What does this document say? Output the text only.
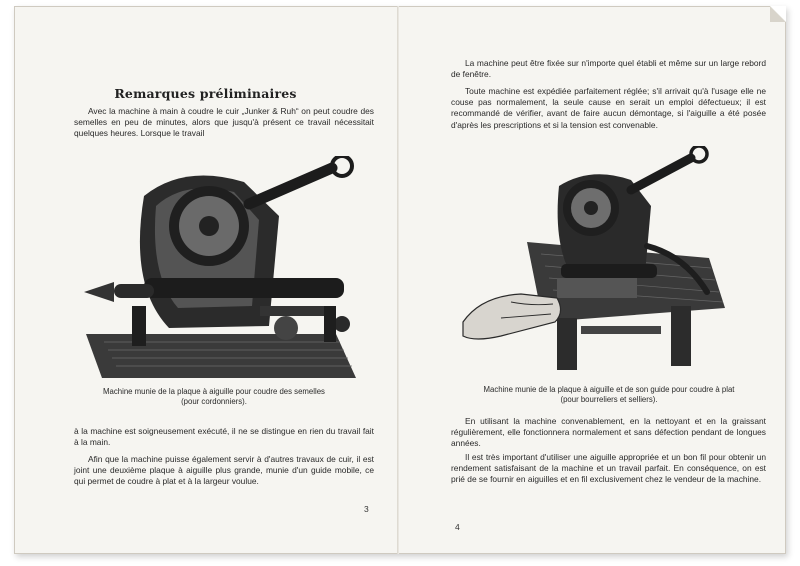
Remarques préliminaires
Avec la machine à main à coudre le cuir „Junker & Ruh“ on peut coudre des semelles en peu de minutes, alors que jusqu'à présent ce travail nécessitait quelques heures. Lorsque le travail
Machine munie de la plaque à aiguille pour coudre des semelles
(pour cordonniers).
à la machine est soigneusement exécuté, il ne se distingue en rien du travail fait à la main.
Afin que la machine puisse également servir à d'autres travaux de cuir, il est joint une deuxième plaque à aiguille plus grande, munie d'un guide mobile, ce qui permet de coudre à plat et à la largeur voulue.
3
La machine peut être fixée sur n'importe quel établi et même sur un large rebord de fenêtre.
Toute machine est expédiée parfaitement réglée; s'il arrivait qu'à l'usage elle ne couse pas normalement, la seule cause en serait un emploi défectueux; il est recommandé de vérifier, avant de faire aucun démontage, si l'aiguille a été posée d'après les prescriptions et si la tension est convenable.
Machine munie de la plaque à aiguille et de son guide pour coudre à plat
(pour bourreliers et selliers).
En utilisant la machine convenablement, en la nettoyant et en la graissant régulièrement, elle fonctionnera normalement et sans défection pendant de longues années.
Il est très important d'utiliser une aiguille appropriée et un bon fil pour obtenir un rendement satisfaisant de la machine et un travail parfait. En conséquence, on est prié de se fournir en aiguilles et en fil exclusivement chez le vendeur de la machine.
4
